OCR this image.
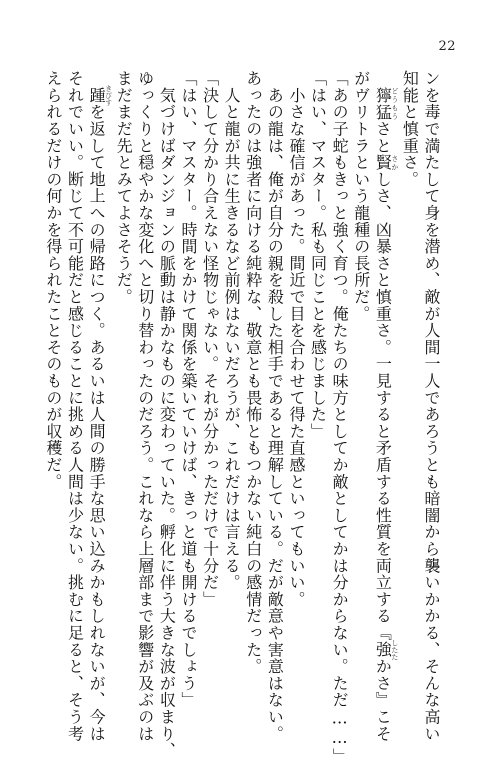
22

ンを毒で満たして身を潜め、敵が人間一人であろうとも暗闇から襲いかかる、そんな高い

知能と慎重さ。

　獰猛どうもうさと賢さかしさ、凶暴さと慎重さ。一見すると矛盾する性質を両立する『強したたかさ』こそ

がヴリトラという龍種の長所だ。

「あの子蛇もきっと強く育つ。俺たちの味方としてか敵としてかは分からない。ただ……」

「はい、マスター。私も同じことを感じました」

　小さな確信があった。間近で目を合わせて得た直感といってもいい。

　あの龍は、俺が自分の親を殺した相手であると理解している。だが敵意や害意はない。

あったのは強者に向ける純粋な、敬意とも畏怖ともつかない純白の感情だった。

　人と龍が共に生きるなど前例はないだろうが、これだけは言える。

「決して分かり合えない怪物じゃない。それが分かっただけで十分だ」

「はい、マスター。時間をかけて関係を築いていけば、きっと道も開けるでしょう」

　気づけばダンジョンの脈動は静かなものに変わっていた。孵化に伴う大きな波が収まり、

ゆっくりと穏やかな変化へと切り替わったのだろう。これなら上層部まで影響が及ぶのは

まだまだ先とみてよさそうだ。

　踵きびすを返して地上への帰路につく。あるいは人間の勝手な思い込みかもしれないが、今は

それでいい。断じて不可能だと感じることに挑める人間は少ない。挑むに足ると、そう考

えられるだけの何かを得られたことそのものが収穫だ。
